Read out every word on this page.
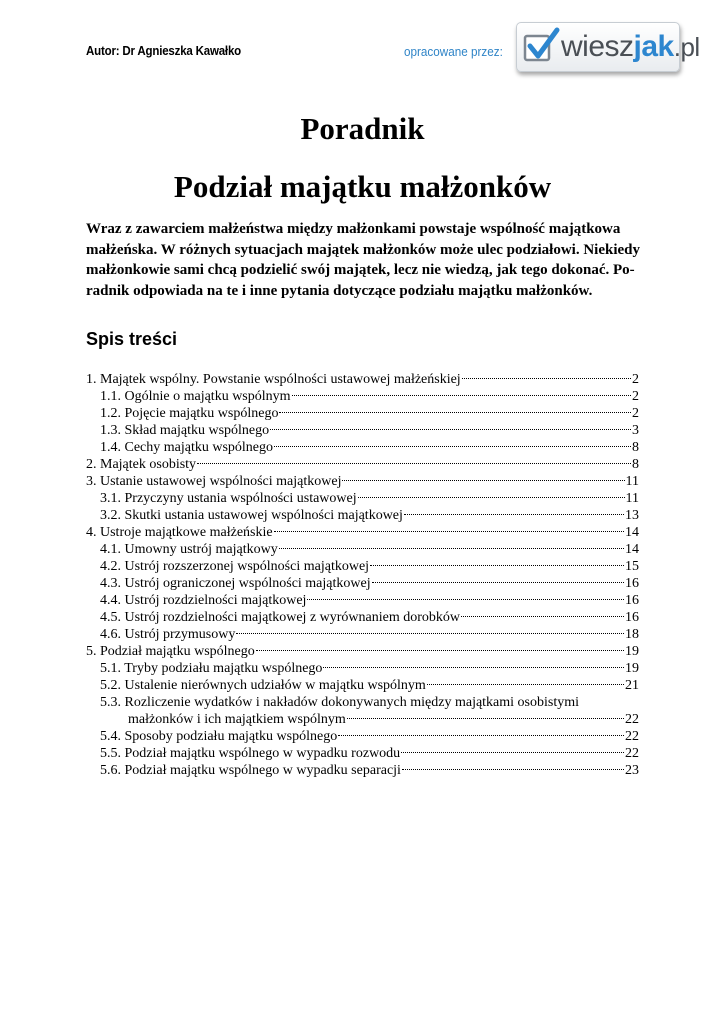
Autor: Dr Agnieszka Kawałko	opracowane przez: wieszjak.pl
Poradnik
Podział majątku małżonków
Wraz z zawarciem małżeństwa między małżonkami powstaje wspólność majątkowa
małżeńska. W różnych sytuacjach majątek małżonków może ulec podziałowi. Niekiedy
małżonkowie sami chcą podzielić swój majątek, lecz nie wiedzą, jak tego dokonać. Po-
radnik odpowiada na te i inne pytania dotyczące podziału majątku małżonków.
Spis treści
1. Majątek wspólny. Powstanie wspólności ustawowej małżeńskiej	2
1.1. Ogólnie o majątku wspólnym	2
1.2. Pojęcie majątku wspólnego	2
1.3. Skład majątku wspólnego	3
1.4. Cechy majątku wspólnego	8
2. Majątek osobisty	8
3. Ustanie ustawowej wspólności majątkowej	11
3.1. Przyczyny ustania wspólności ustawowej	11
3.2. Skutki ustania ustawowej wspólności majątkowej	13
4. Ustroje majątkowe małżeńskie	14
4.1. Umowny ustrój majątkowy	14
4.2. Ustrój rozszerzonej wspólności majątkowej	15
4.3. Ustrój ograniczonej wspólności majątkowej	16
4.4. Ustrój rozdzielności majątkowej	16
4.5. Ustrój rozdzielności majątkowej z wyrównaniem dorobków	16
4.6. Ustrój przymusowy	18
5. Podział majątku wspólnego	19
5.1. Tryby podziału majątku wspólnego	19
5.2. Ustalenie nierównych udziałów w majątku wspólnym	21
5.3. Rozliczenie wydatków i nakładów dokonywanych między majątkami osobistymi
małżonków i ich majątkiem wspólnym	22
5.4. Sposoby podziału majątku wspólnego	22
5.5. Podział majątku wspólnego w wypadku rozwodu	22
5.6. Podział majątku wspólnego w wypadku separacji	23
